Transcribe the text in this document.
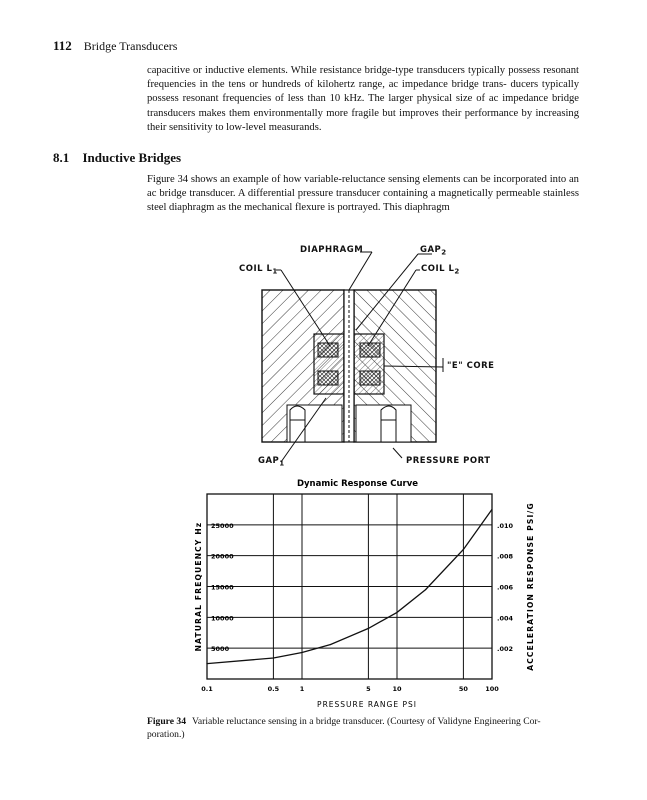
112 Bridge Transducers

capacitive or inductive elements. While resistance bridge-type transducers typically possess resonant frequencies in the tens or hundreds of kilohertz range, ac impedance bridge trans- ducers typically possess resonant frequencies of less than 10 kHz. The larger physical size of ac impedance bridge transducers makes them environmentally more fragile but improves their performance by increasing their sensitivity to low-level measurands.

8.1 Inductive Bridges

Figure 34 shows an example of how variable-reluctance sensing elements can be incorporated into an ac bridge transducer. A differential pressure transducer containing a magnetically permeable stainless steel diaphragm as the mechanical flexure is portrayed. This diaphragm

DIAPHRAGM	$GAP_2$
COIL $L_1$	COIL $L_2$
"E" CORE
$GAP_1$	PRESSURE PORT
0.1	0.5	1	5	10	50	100
25000
20000
15000
10000
5000
.010
.008
.006
.004
.002
Dynamic Response Curve
PRESSURE RANGE PSI
NATURAL FREQUENCY Hz	ACCELERATION RESPONSE PSI/G

Figure 34 Variable reluctance sensing in a bridge transducer. (Courtesy of Validyne Engineering Cor-
poration.)
